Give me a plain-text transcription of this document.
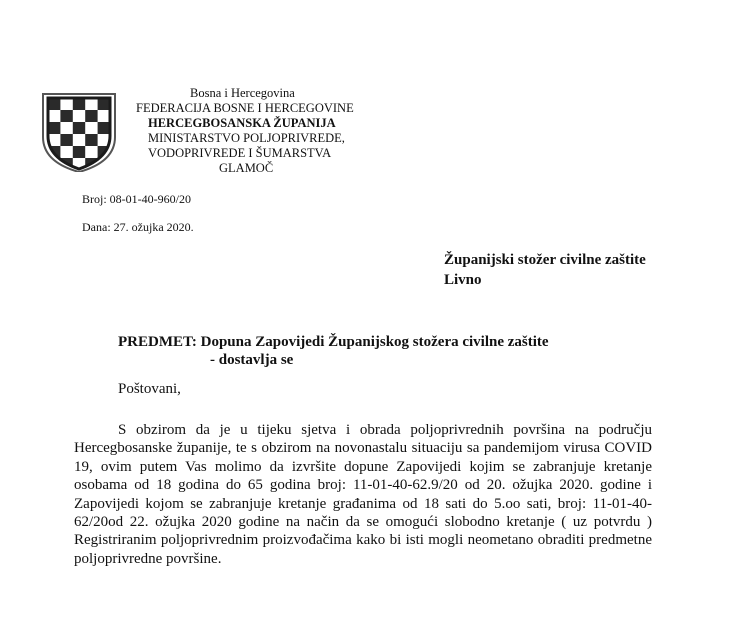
Bosna i Hercegovina
FEDERACIJA BOSNE I HERCEGOVINE
HERCEGBOSANSKA ŽUPANIJA
MINISTARSTVO POLJOPRIVREDE,
VODOPRIVREDE I ŠUMARSTVA
GLAMOČ
Broj: 08-01-40-960/20
Dana: 27. ožujka 2020.
Županijski stožer civilne zaštite
Livno
PREDMET: Dopuna Zapovijedi Županijskog stožera civilne zaštite
- dostavlja se
Poštovani,

S obzirom da je u tijeku sjetva i obrada poljoprivrednih površina na području Hercegbosanske županije, te s obzirom na novonastalu situaciju sa pandemijom virusa COVID 19, ovim putem Vas molimo da izvršite dopune Zapovijedi kojim se zabranjuje kretanje osobama od 18 godina do 65 godina broj: 11-01-40-62.9/20 od 20. ožujka 2020. godine i Zapovijedi kojom se zabranjuje kretanje građanima od 18 sati do 5.oo sati, broj: 11-01-40-62/20od 22. ožujka 2020 godine na način da se omogući slobodno kretanje ( uz potvrdu ) Registriranim poljoprivrednim proizvođačima kako bi isti mogli neometano obraditi predmetne poljoprivredne površine.
